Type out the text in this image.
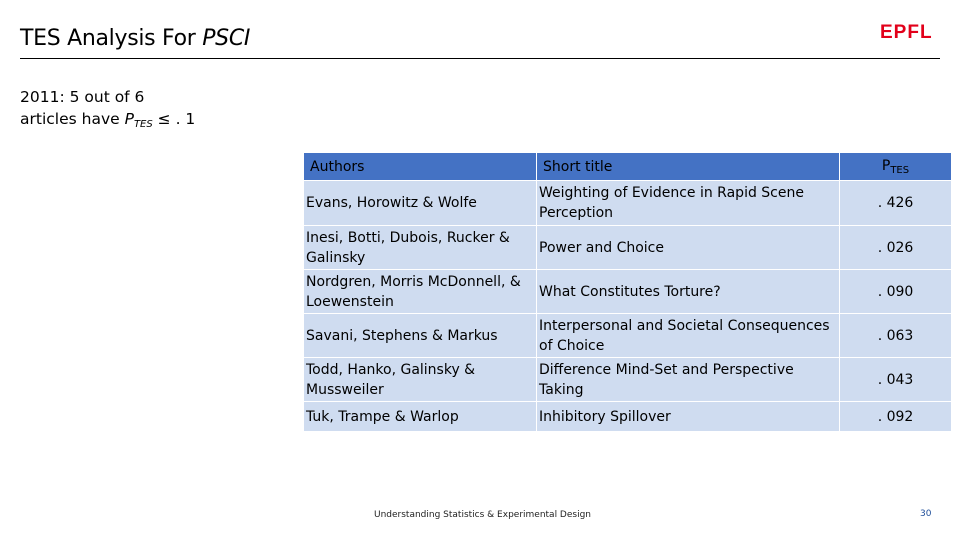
TES Analysis For PSCI	EPFL
2011: 5 out of 6
articles have PTES ≤ . 1
Authors	Short title	$P_{TES}$
Evans, Horowitz & Wolfe	Weighting of Evidence in Rapid Scene Perception	. 426
Inesi, Botti, Dubois, Rucker & Galinsky	Power and Choice	. 026
Nordgren, Morris McDonnell, & Loewenstein	What Constitutes Torture?	. 090
Savani, Stephens & Markus	Interpersonal and Societal Consequences of Choice	. 063
Todd, Hanko, Galinsky & Mussweiler	Difference Mind-Set and Perspective Taking	. 043
Tuk, Trampe & Warlop	Inhibitory Spillover	. 092
Understanding Statistics & Experimental Design	30
